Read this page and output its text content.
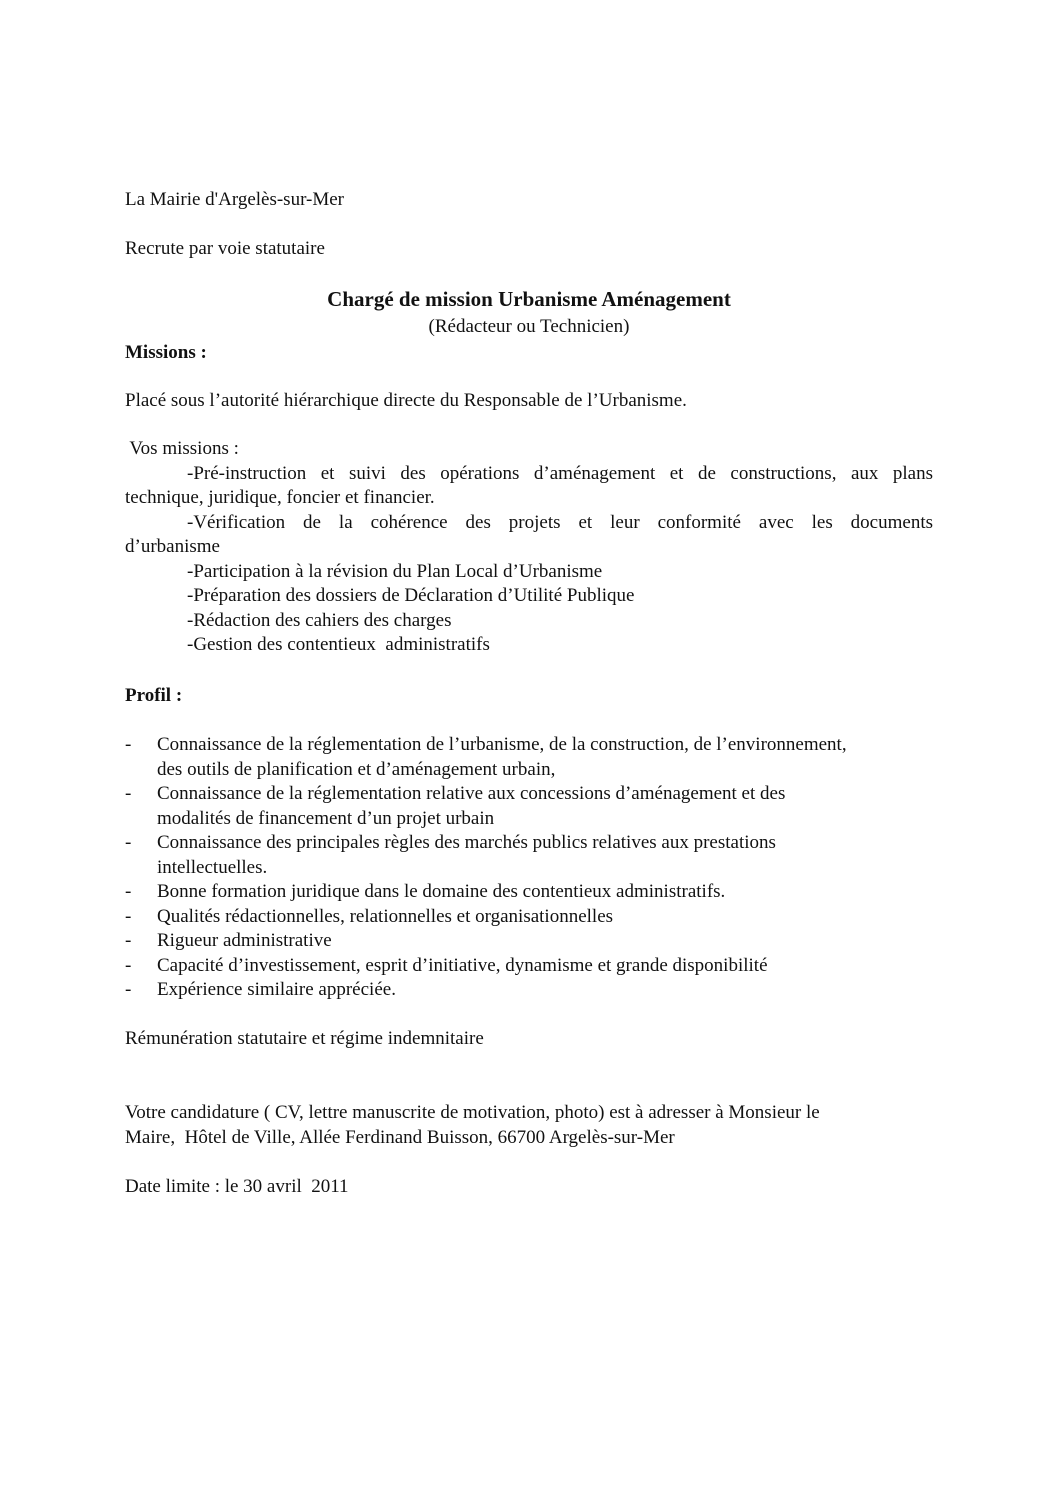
La Mairie d'Argelès-sur-Mer
Recrute par voie statutaire
Chargé de mission Urbanisme Aménagement
(Rédacteur ou Technicien)
Missions :
Placé sous l’autorité hiérarchique directe du Responsable de l’Urbanisme.
Vos missions :
-Pré-instruction et suivi des opérations d’aménagement et de constructions, aux plans
technique, juridique, foncier et financier.
-Vérification de la cohérence des projets et leur conformité avec les documents
d’urbanisme
-Participation à la révision du Plan Local d’Urbanisme
-Préparation des dossiers de Déclaration d’Utilité Publique
-Rédaction des cahiers des charges
-Gestion des contentieux  administratifs
Profil :
- Connaissance de la réglementation de l’urbanisme, de la construction, de l’environnement,
des outils de planification et d’aménagement urbain,
- Connaissance de la réglementation relative aux concessions d’aménagement et des
modalités de financement d’un projet urbain
- Connaissance des principales règles des marchés publics relatives aux prestations
intellectuelles.
- Bonne formation juridique dans le domaine des contentieux administratifs.
- Qualités rédactionnelles, relationnelles et organisationnelles
- Rigueur administrative
- Capacité d’investissement, esprit d’initiative, dynamisme et grande disponibilité
- Expérience similaire appréciée.
Rémunération statutaire et régime indemnitaire
Votre candidature ( CV, lettre manuscrite de motivation, photo) est à adresser à Monsieur le
Maire,  Hôtel de Ville, Allée Ferdinand Buisson, 66700 Argelès-sur-Mer
Date limite : le 30 avril  2011
